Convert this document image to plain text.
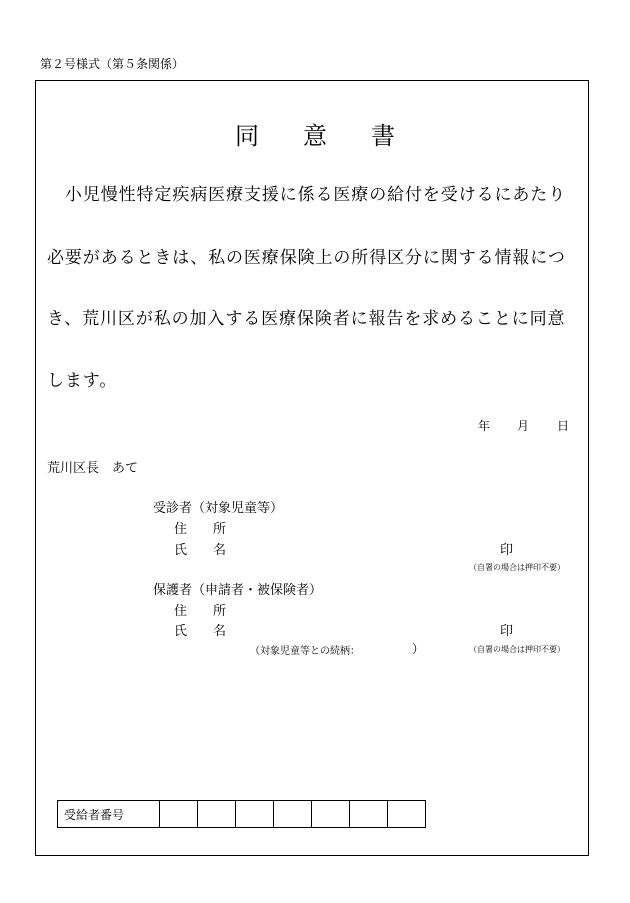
第２号様式（第５条関係）
同意書
　小児慢性特定疾病医療支援に係る医療の給付を受けるにあたり
必要があるときは、私の医療保険上の所得区分に関する情報につ
き、荒川区が私の加入する医療保険者に報告を求めることに同意
します。
年 月 日
荒川区長　あて
受診者（対象児童等）
住　　所
氏　　名	印
（自署の場合は押印不要）
保護者（申請者・被保険者）
住　　所
氏　　名	印
（対象児童等との続柄：	）	（自署の場合は押印不要）
受給者番号							
